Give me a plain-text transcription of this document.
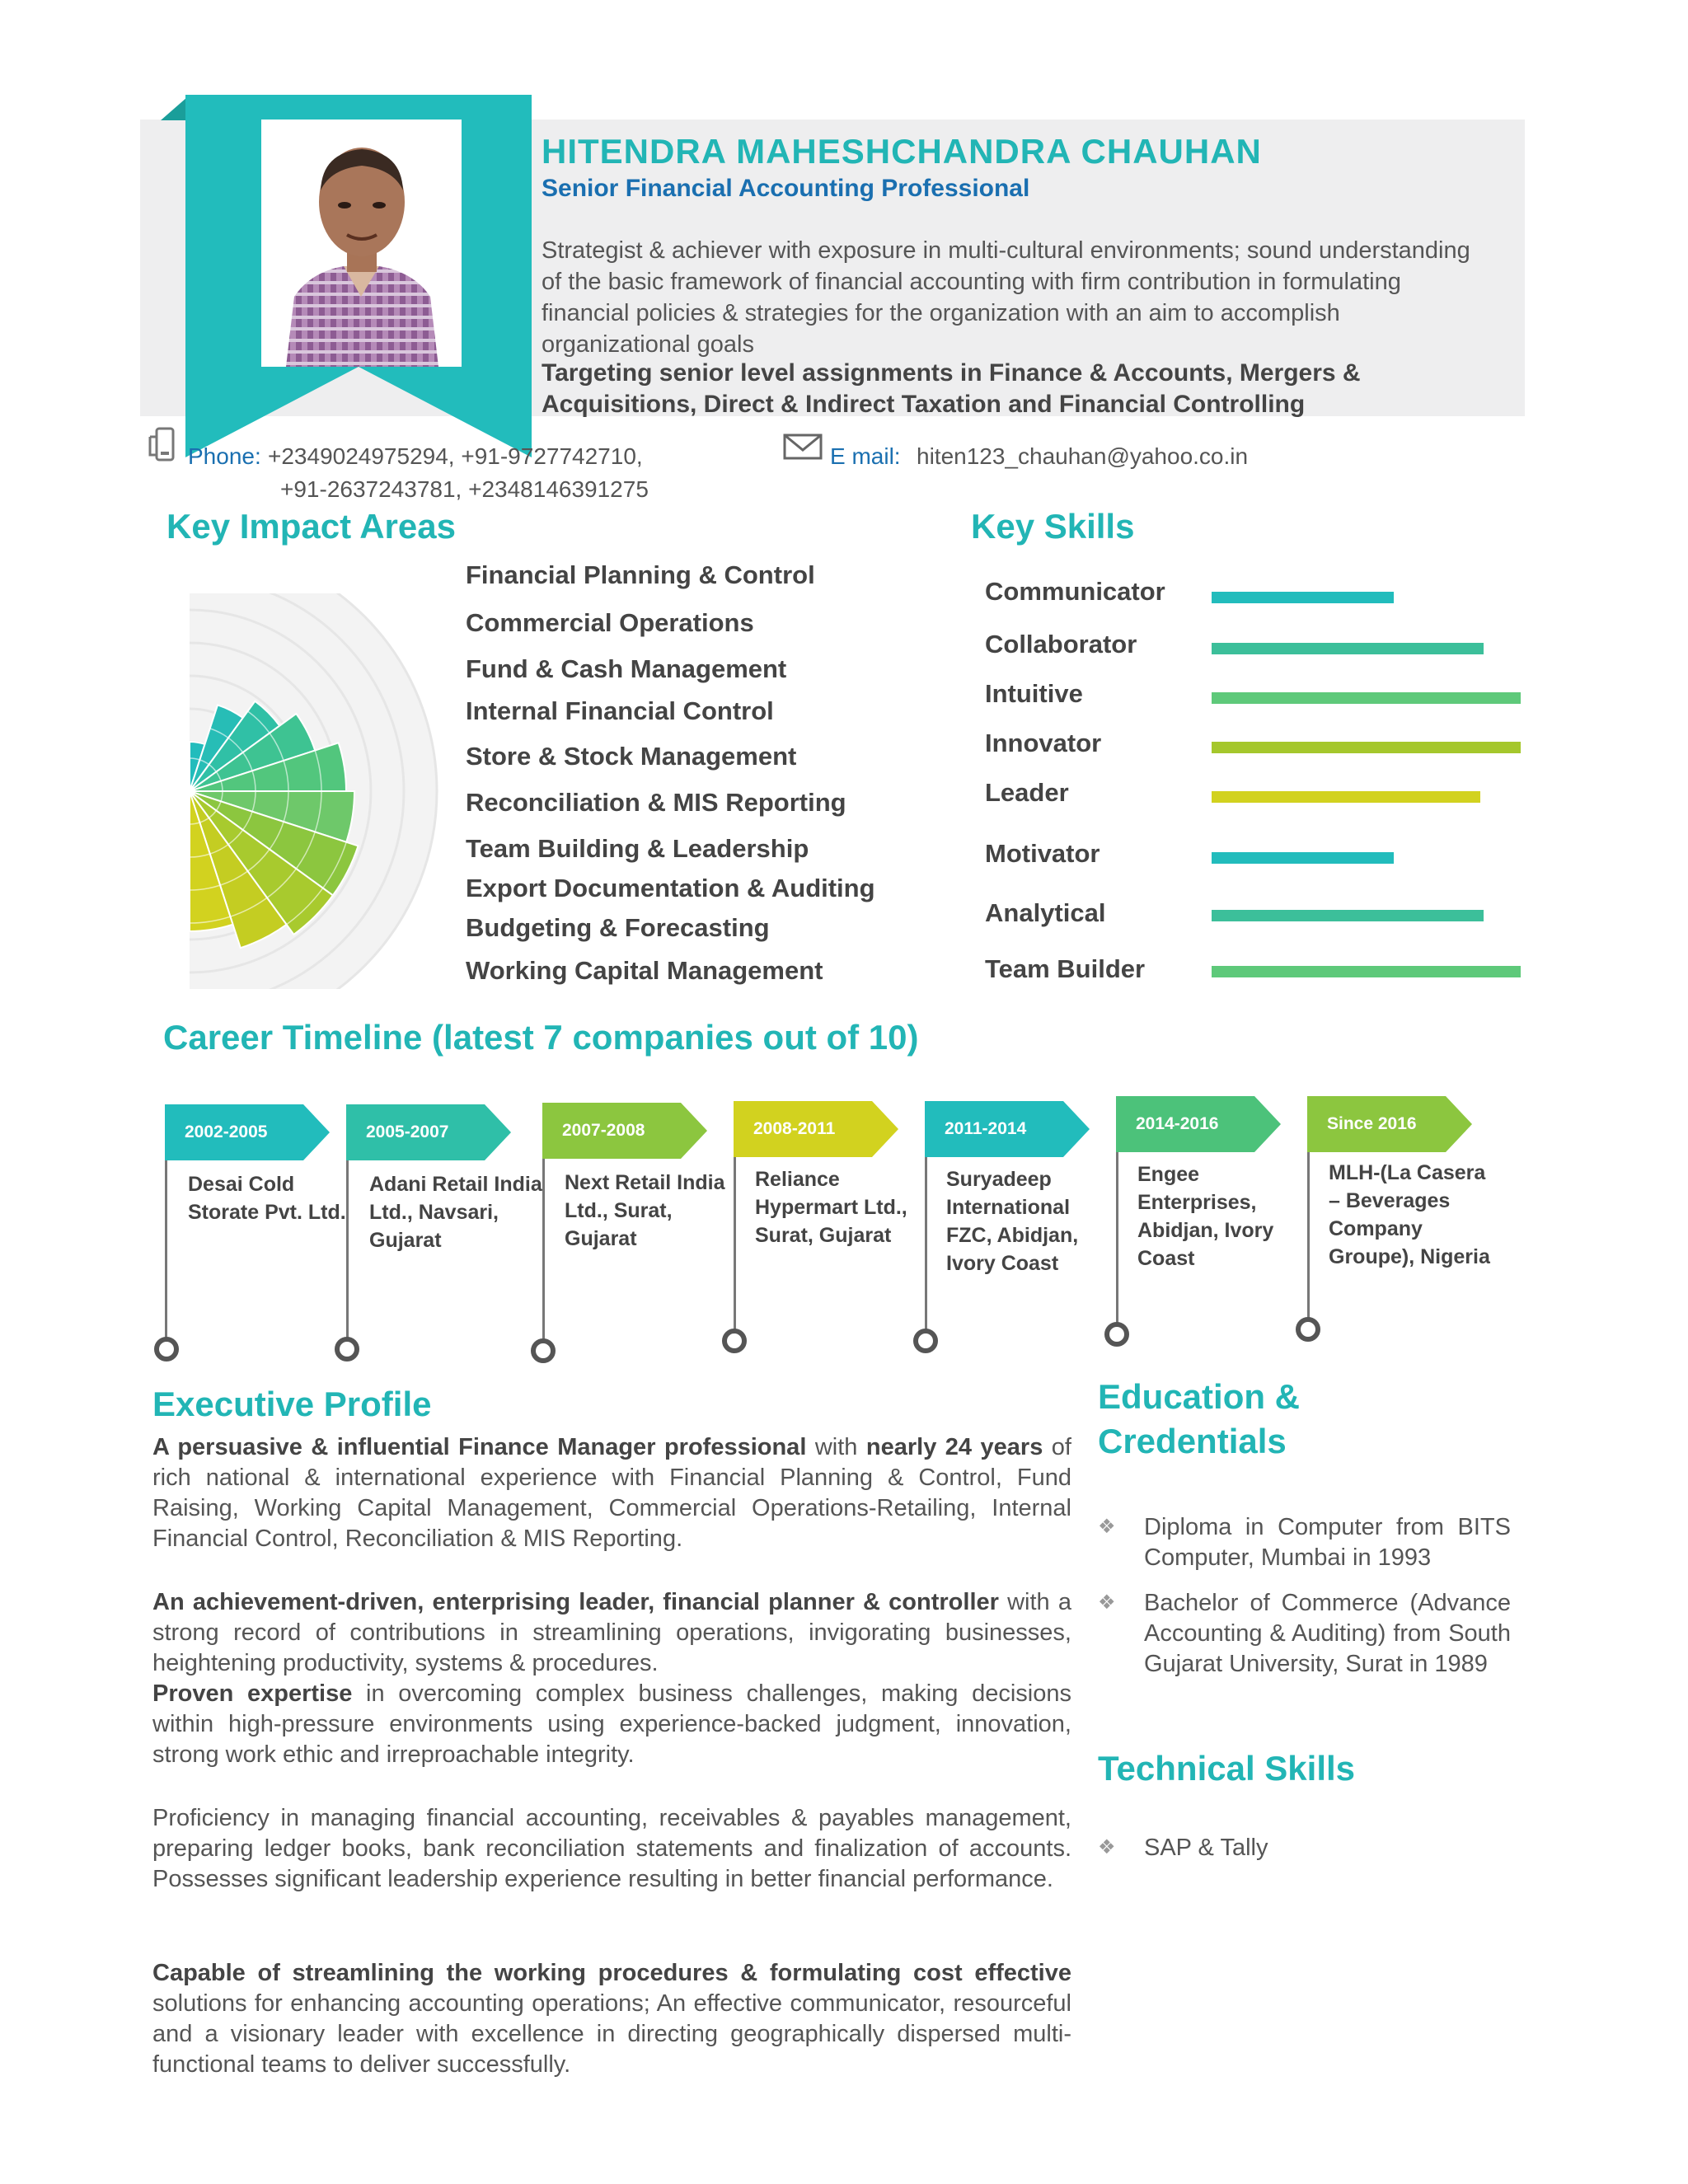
HITENDRA MAHESHCHANDRA CHAUHAN
Senior Financial Accounting Professional
Strategist & achiever with exposure in multi-cultural environments; sound understanding of the basic framework of financial accounting with firm contribution in formulating financial policies & strategies for the organization with an aim to accomplish organizational goals
Targeting senior level assignments in Finance & Accounts, Mergers & Acquisitions, Direct & Indirect Taxation and Financial Controlling
Phone: +2349024975294, +91-9727742710,
+91-2637243781, +2348146391275
E mail: hiten123_chauhan@yahoo.co.in
Key Impact Areas	Key Skills
Financial Planning & Control
Commercial Operations
Fund & Cash Management
Internal Financial Control
Store & Stock Management
Reconciliation & MIS Reporting
Team Building & Leadership
Export Documentation & Auditing
Budgeting & Forecasting
Working Capital Management
Communicator
Collaborator
Intuitive
Innovator
Leader
Motivator
Analytical
Team Builder
Career Timeline (latest 7 companies out of 10)
2002-2005
Desai Cold Storate Pvt. Ltd.
2005-2007
Adani Retail India Ltd., Navsari, Gujarat
2007-2008
Next Retail India Ltd., Surat, Gujarat
2008-2011
Reliance Hypermart Ltd., Surat, Gujarat
2011-2014
Suryadeep International FZC, Abidjan, Ivory Coast
2014-2016
Engee Enterprises, Abidjan, Ivory Coast
Since 2016
MLH-(La Casera – Beverages Company Groupe), Nigeria
Executive Profile
A persuasive & influential Finance Manager professional with nearly 24 years of rich national & international experience with Financial Planning & Control, Fund Raising, Working Capital Management, Commercial Operations-Retailing, Internal Financial Control, Reconciliation & MIS Reporting.
An achievement-driven, enterprising leader, financial planner & controller with a strong record of contributions in streamlining operations, invigorating businesses, heightening productivity, systems & procedures.
Proven expertise in overcoming complex business challenges, making decisions within high-pressure environments using experience-backed judgment, innovation, strong work ethic and irreproachable integrity.
Proficiency in managing financial accounting, receivables & payables management, preparing ledger books, bank reconciliation statements and finalization of accounts. Possesses significant leadership experience resulting in better financial performance.
Capable of streamlining the working procedures & formulating cost effective solutions for enhancing accounting operations; An effective communicator, resourceful and a visionary leader with excellence in directing geographically dispersed multi-functional teams to deliver successfully.
Education &
Credentials
❖ Diploma in Computer from BITS Computer, Mumbai in 1993
❖ Bachelor of Commerce (Advance Accounting & Auditing) from South Gujarat University, Surat in 1989
Technical Skills
❖ SAP & Tally
